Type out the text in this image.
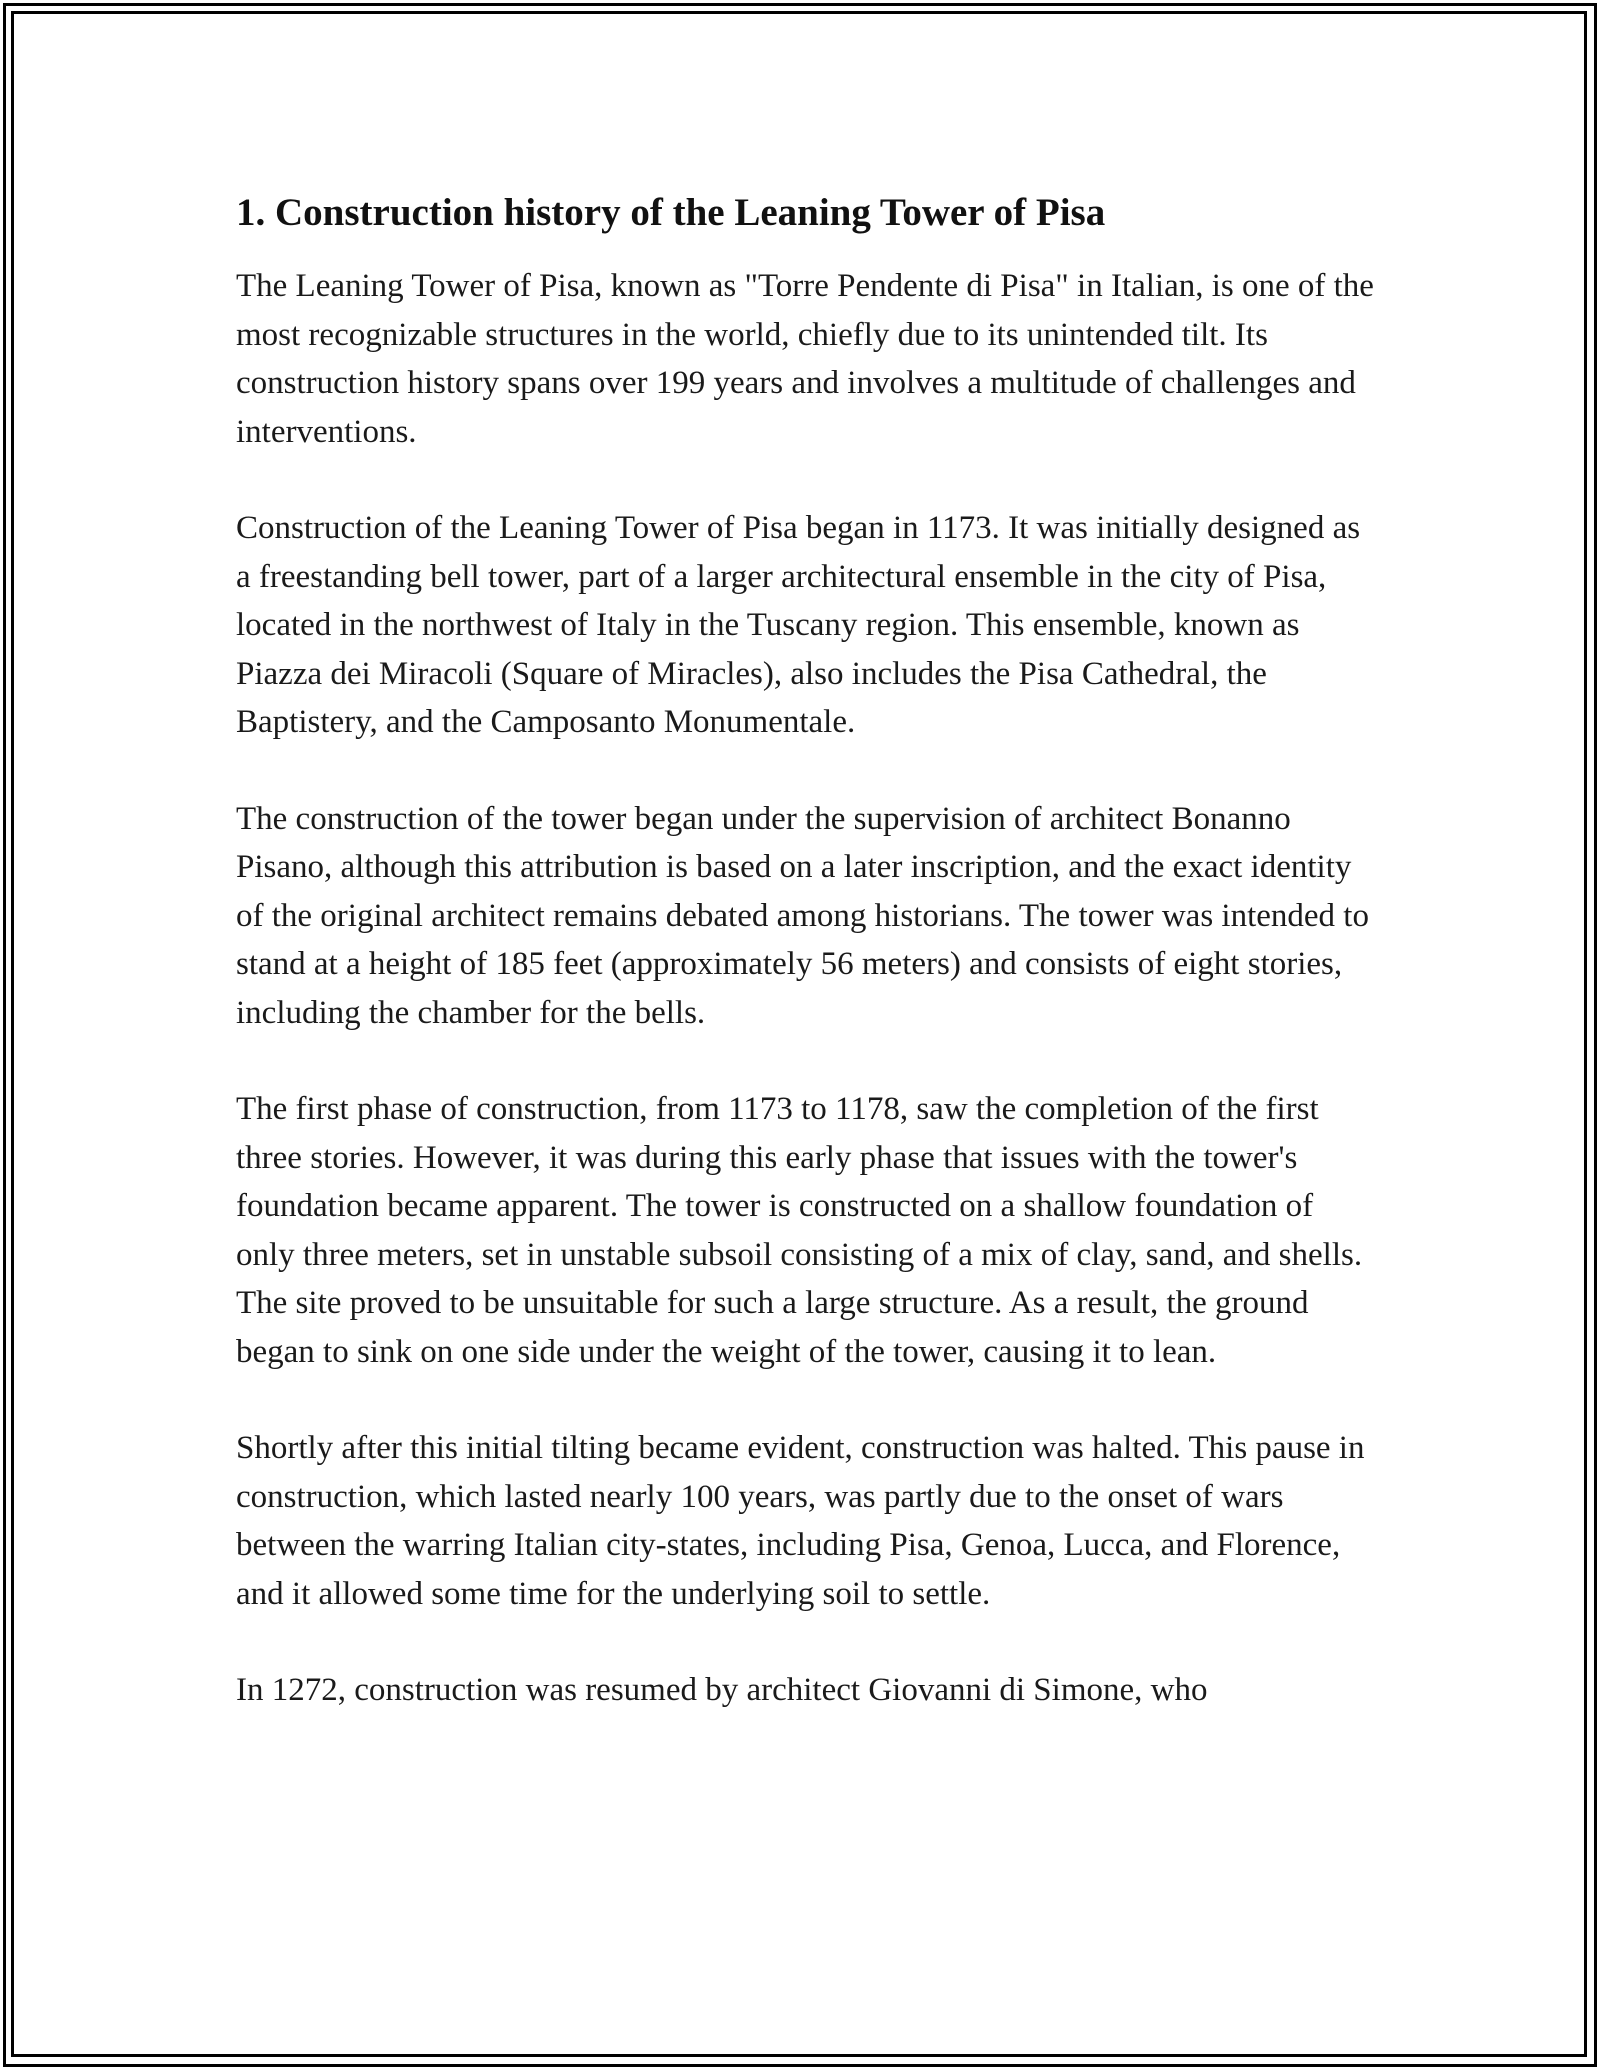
1. Construction history of the Leaning Tower of Pisa

The Leaning Tower of Pisa, known as "Torre Pendente di Pisa" in Italian, is one of the most recognizable structures in the world, chiefly due to its unintended tilt. Its construction history spans over 199 years and involves a multitude of challenges and interventions.

Construction of the Leaning Tower of Pisa began in 1173. It was initially designed as a freestanding bell tower, part of a larger architectural ensemble in the city of Pisa, located in the northwest of Italy in the Tuscany region. This ensemble, known as Piazza dei Miracoli (Square of Miracles), also includes the Pisa Cathedral, the Baptistery, and the Camposanto Monumentale.

The construction of the tower began under the supervision of architect Bonanno Pisano, although this attribution is based on a later inscription, and the exact identity of the original architect remains debated among historians. The tower was intended to stand at a height of 185 feet (approximately 56 meters) and consists of eight stories, including the chamber for the bells.

The first phase of construction, from 1173 to 1178, saw the completion of the first three stories. However, it was during this early phase that issues with the tower's foundation became apparent. The tower is constructed on a shallow foundation of only three meters, set in unstable subsoil consisting of a mix of clay, sand, and shells. The site proved to be unsuitable for such a large structure. As a result, the ground began to sink on one side under the weight of the tower, causing it to lean.

Shortly after this initial tilting became evident, construction was halted. This pause in construction, which lasted nearly 100 years, was partly due to the onset of wars between the warring Italian city-states, including Pisa, Genoa, Lucca, and Florence, and it allowed some time for the underlying soil to settle.

In 1272, construction was resumed by architect Giovanni di Simone, who
